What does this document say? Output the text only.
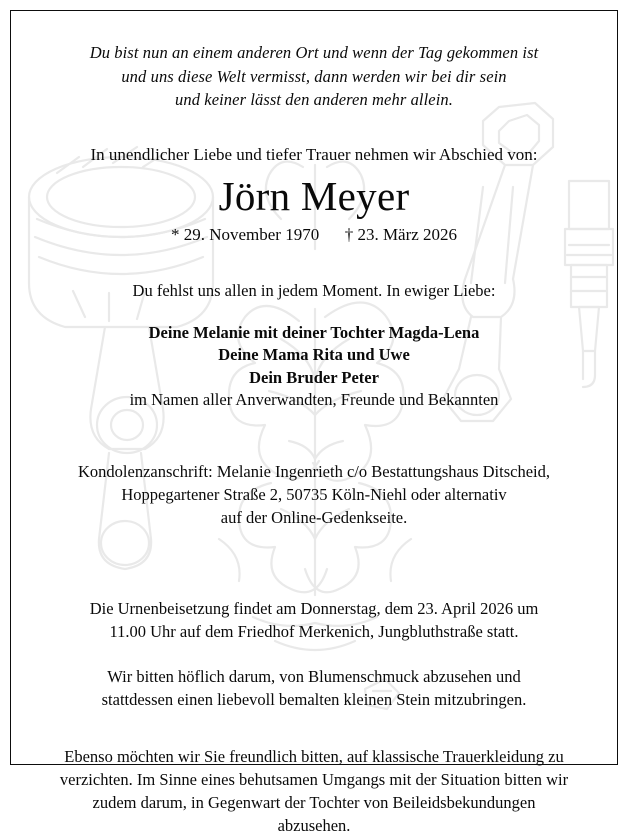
Du bist nun an einem anderen Ort und wenn der Tag gekommen ist
und uns diese Welt vermisst, dann werden wir bei dir sein
und keiner lässt den anderen mehr allein.
In unendlicher Liebe und tiefer Trauer nehmen wir Abschied von:
Jörn Meyer
* 29. November 1970      † 23. März 2026
Du fehlst uns allen in jedem Moment. In ewiger Liebe:
Deine Melanie mit deiner Tochter Magda-Lena
Deine Mama Rita und Uwe
Dein Bruder Peter
im Namen aller Anverwandten, Freunde und Bekannten
Kondolenzanschrift: Melanie Ingenrieth c/o Bestattungshaus Ditscheid,
Hoppegartener Straße 2, 50735 Köln-Niehl oder alternativ
auf der Online-Gedenkseite.
Die Urnenbeisetzung findet am Donnerstag, dem 23. April 2026 um
11.00 Uhr auf dem Friedhof Merkenich, Jungbluthstraße statt.
Wir bitten höflich darum, von Blumenschmuck abzusehen und
stattdessen einen liebevoll bemalten kleinen Stein mitzubringen.
Ebenso möchten wir Sie freundlich bitten, auf klassische Trauerkleidung zu
verzichten. Im Sinne eines behutsamen Umgangs mit der Situation bitten wir
zudem darum, in Gegenwart der Tochter von Beileidsbekundungen abzusehen.
